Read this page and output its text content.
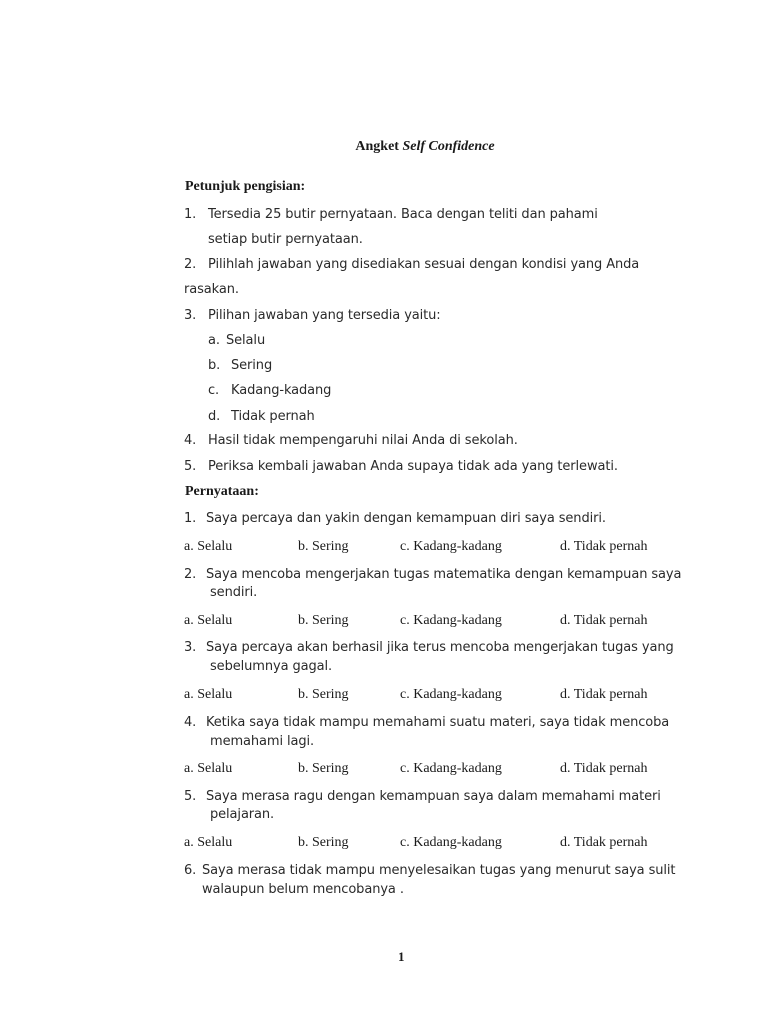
Angket Self Confidence
Petunjuk pengisian:
1. Tersedia 25 butir pernyataan. Baca dengan teliti dan pahami
setiap butir pernyataan.
2. Pilihlah jawaban yang disediakan sesuai dengan kondisi yang Anda
rasakan.
3. Pilihan jawaban yang tersedia yaitu:
a. Selalu
b. Sering
c. Kadang-kadang
d. Tidak pernah
4. Hasil tidak mempengaruhi nilai Anda di sekolah.
5. Periksa kembali jawaban Anda supaya tidak ada yang terlewati.
Pernyataan:
1. Saya percaya dan yakin dengan kemampuan diri saya sendiri.
a. Selalu	b. Sering	c. Kadang-kadang	d. Tidak pernah
2. Saya mencoba mengerjakan tugas matematika dengan kemampuan saya
sendiri.
a. Selalu	b. Sering	c. Kadang-kadang	d. Tidak pernah
3. Saya percaya akan berhasil jika terus mencoba mengerjakan tugas yang
sebelumnya gagal.
a. Selalu	b. Sering	c. Kadang-kadang	d. Tidak pernah
4. Ketika saya tidak mampu memahami suatu materi, saya tidak mencoba
memahami lagi.
a. Selalu	b. Sering	c. Kadang-kadang	d. Tidak pernah
5. Saya merasa ragu dengan kemampuan saya dalam memahami materi
pelajaran.
a. Selalu	b. Sering	c. Kadang-kadang	d. Tidak pernah
6. Saya merasa tidak mampu menyelesaikan tugas yang menurut saya sulit
walaupun belum mencobanya .
1
